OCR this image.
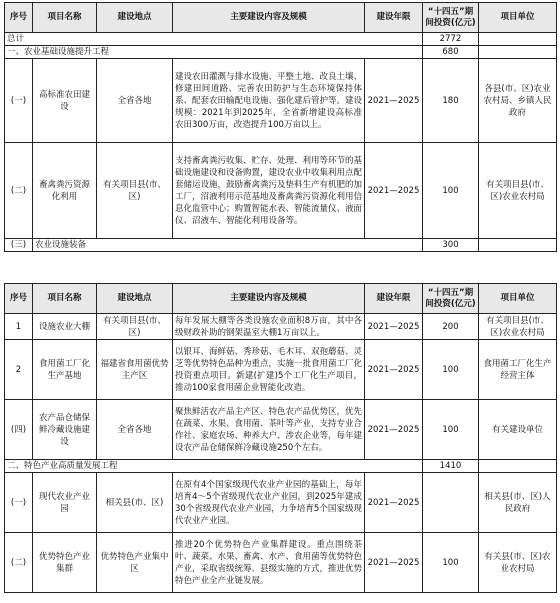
序号	项目名称	建设地点	主要建设内容及规模	建设年限	“十四五”期间投资(亿元)	项目单位
总计					2772	
一、农业基础设施提升工程					680	
(一)	高标准农田建设	全省各地	建设农田灌溉与排水设施、平整土地、改良土壤、修建田间道路、完善农田防护与生态环境保持体系、配套农田输配电设施、强化建后管护等。建设规模：2021年到2025年，全省新增建设高标准农田300万亩，改造提升100万亩以上。	2021—2025	180	各县(市、区)农业农村局、乡镇人民政府
(二)	畜禽粪污资源化利用	有关项目县(市、区)	支持畜禽粪污收集、贮存、处理、利用等环节的基础设施建设和设备购置，建设农业中收集利用点配套储运设施，鼓励畜禽粪污及垫料生产有机肥的加工厂，沼液利用示范基地及畜禽粪污资源化利用信息化监管中心；购置智能水表、智能流量仪、液面仪、沼液车、智能化利用设备等。	2021—2025	100	有关项目县(市、区)农业农村局
(三)	农业设施装备				300	
序号	项目名称	建设地点	主要建设内容及规模	建设年限	“十四五”期间投资(亿元)	项目单位
1	设施农业大棚	有关项目县(市、区)	每年发展大棚等各类设施农业面积8万亩，其中各级财政补助的钢架温室大棚1万亩以上。	2021—2025	200	有关项目县(市、区)农业农村局
2	食用菌工厂化生产基地	福建省食用菌优势主产区	以银耳、海鲜菇、秀珍菇、毛木耳、双孢蘑菇、灵芝等优势特色品种为重点，实施一批食用菌工厂化投资重点项目。新建(扩建)5个工厂化生产项目，推动100家食用菌企业智能化改造。	2021—2025	100	食用菌工厂化生产经营主体
(四)	农产品仓储保鲜冷藏设施建设	全省各地	聚焦鲜活农产品主产区、特色农产品优势区，优先在蔬菜、水果、食用菌、茶叶等产业，支持专业合作社、家庭农场、种养大户、涉农企业等，每年建设农产品仓储保鲜冷藏设施250个左右。	2021—2025	100	有关建设单位
二、特色产业高质量发展工程					1410	
(一)	现代农业产业园	相关县(市、区)	在原有4个国家级现代农业产业园的基础上，每年培育4～5个省级现代农业产业园，到2025年建成30个省级现代农业产业园，力争培育5个国家级现代农业产业园。	2021—2025		相关县(市、区)人民政府
(二)	优势特色产业集群	优势特色产业集中区	推进20个优势特色产业集群建设。重点围绕茶叶、蔬菜、水果、畜禽、水产、食用菌等优势特色产业，采取省级统筹、县级实施的方式，推进优势特色产业全产业链发展。	2021—2025	100	有关县(市、区)农业农村局
